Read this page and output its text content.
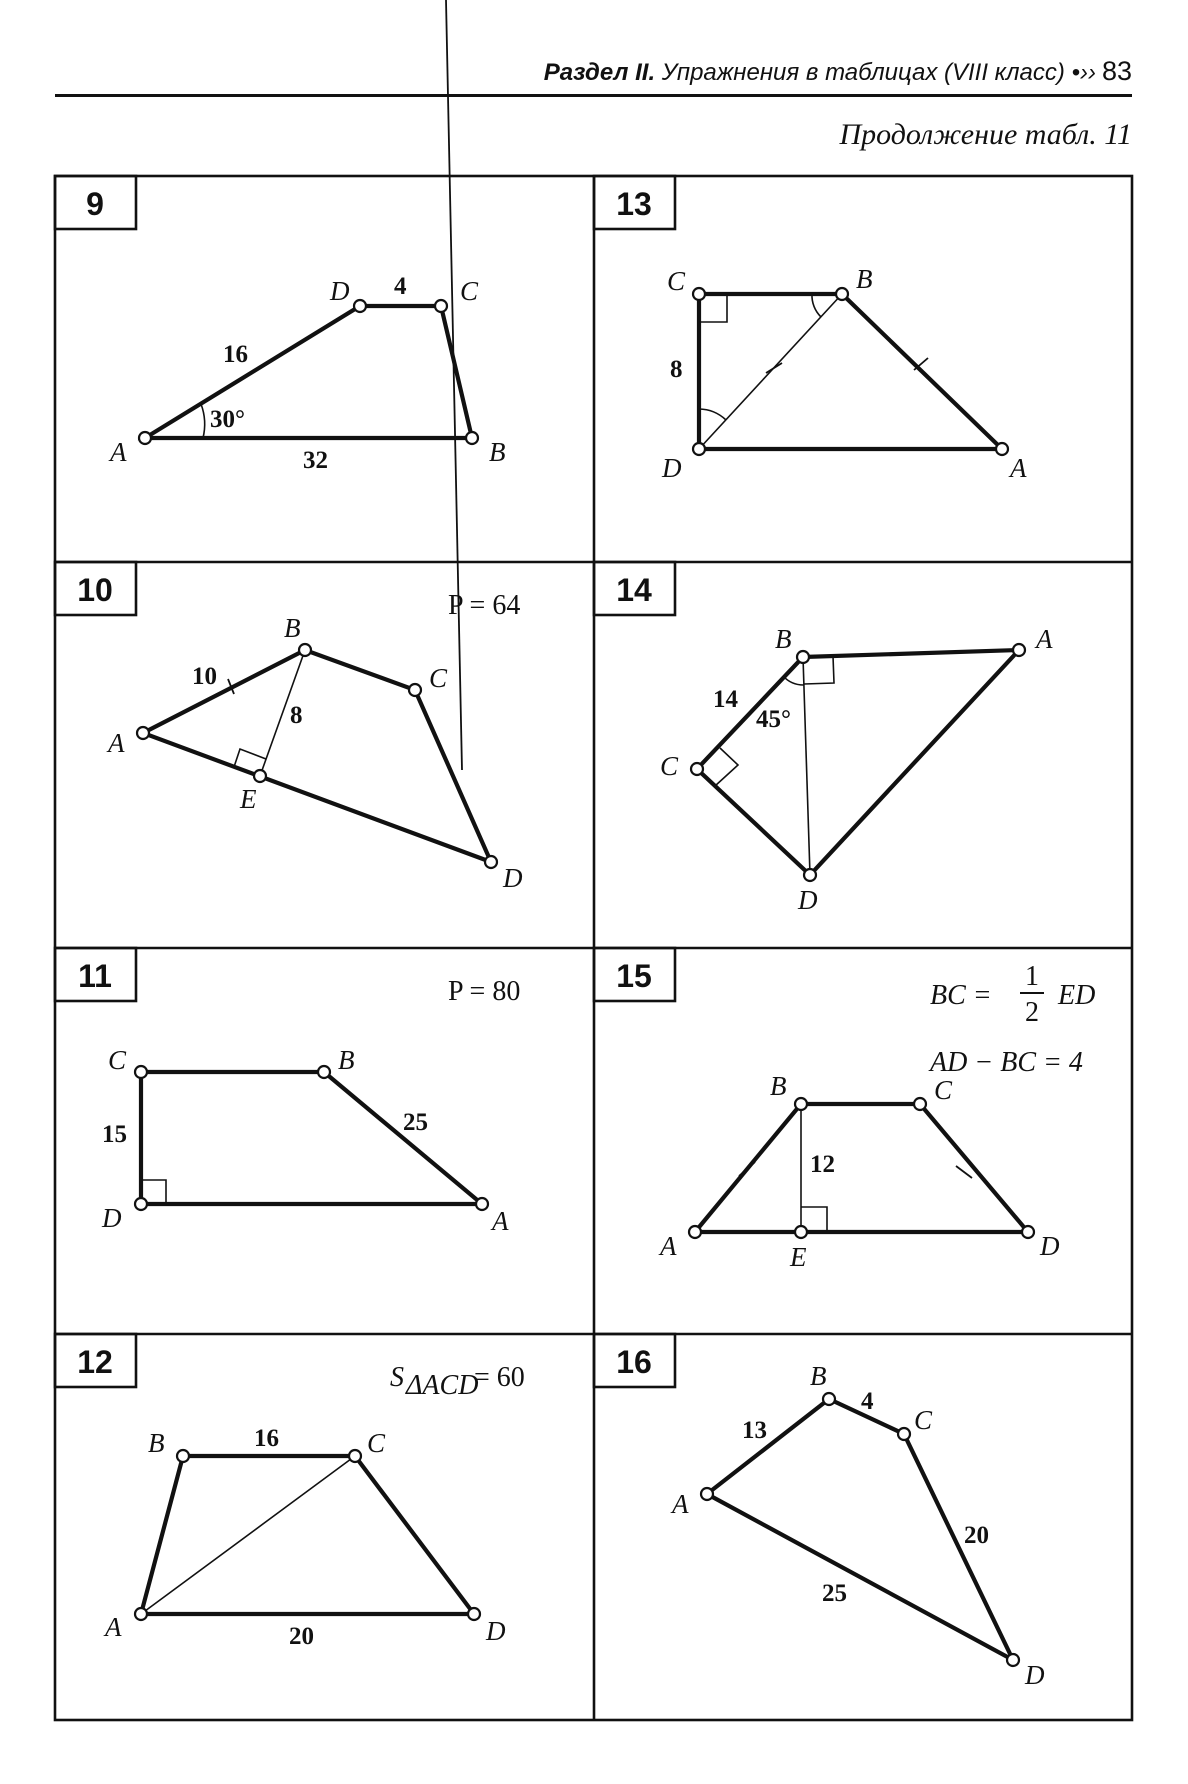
Раздел II. Упражнения в таблицах (VIII класс) •›› 83
Продолжение табл. 11
9
A	B
C
D
16
4
32
30°
13
C	B
A
D
8
10	P = 64
A
B
C
D
E
10
8
14
B	A
D
C
14
45°
11	P = 80
C	B
A
D
15	25
15
BC =
1
2
ED
AD − BC = 4
A
B	C
D
E
12
12	S ΔACD
= 60
A
B	C
D
16
20
16
A
B
C
D
13
4
20
25
